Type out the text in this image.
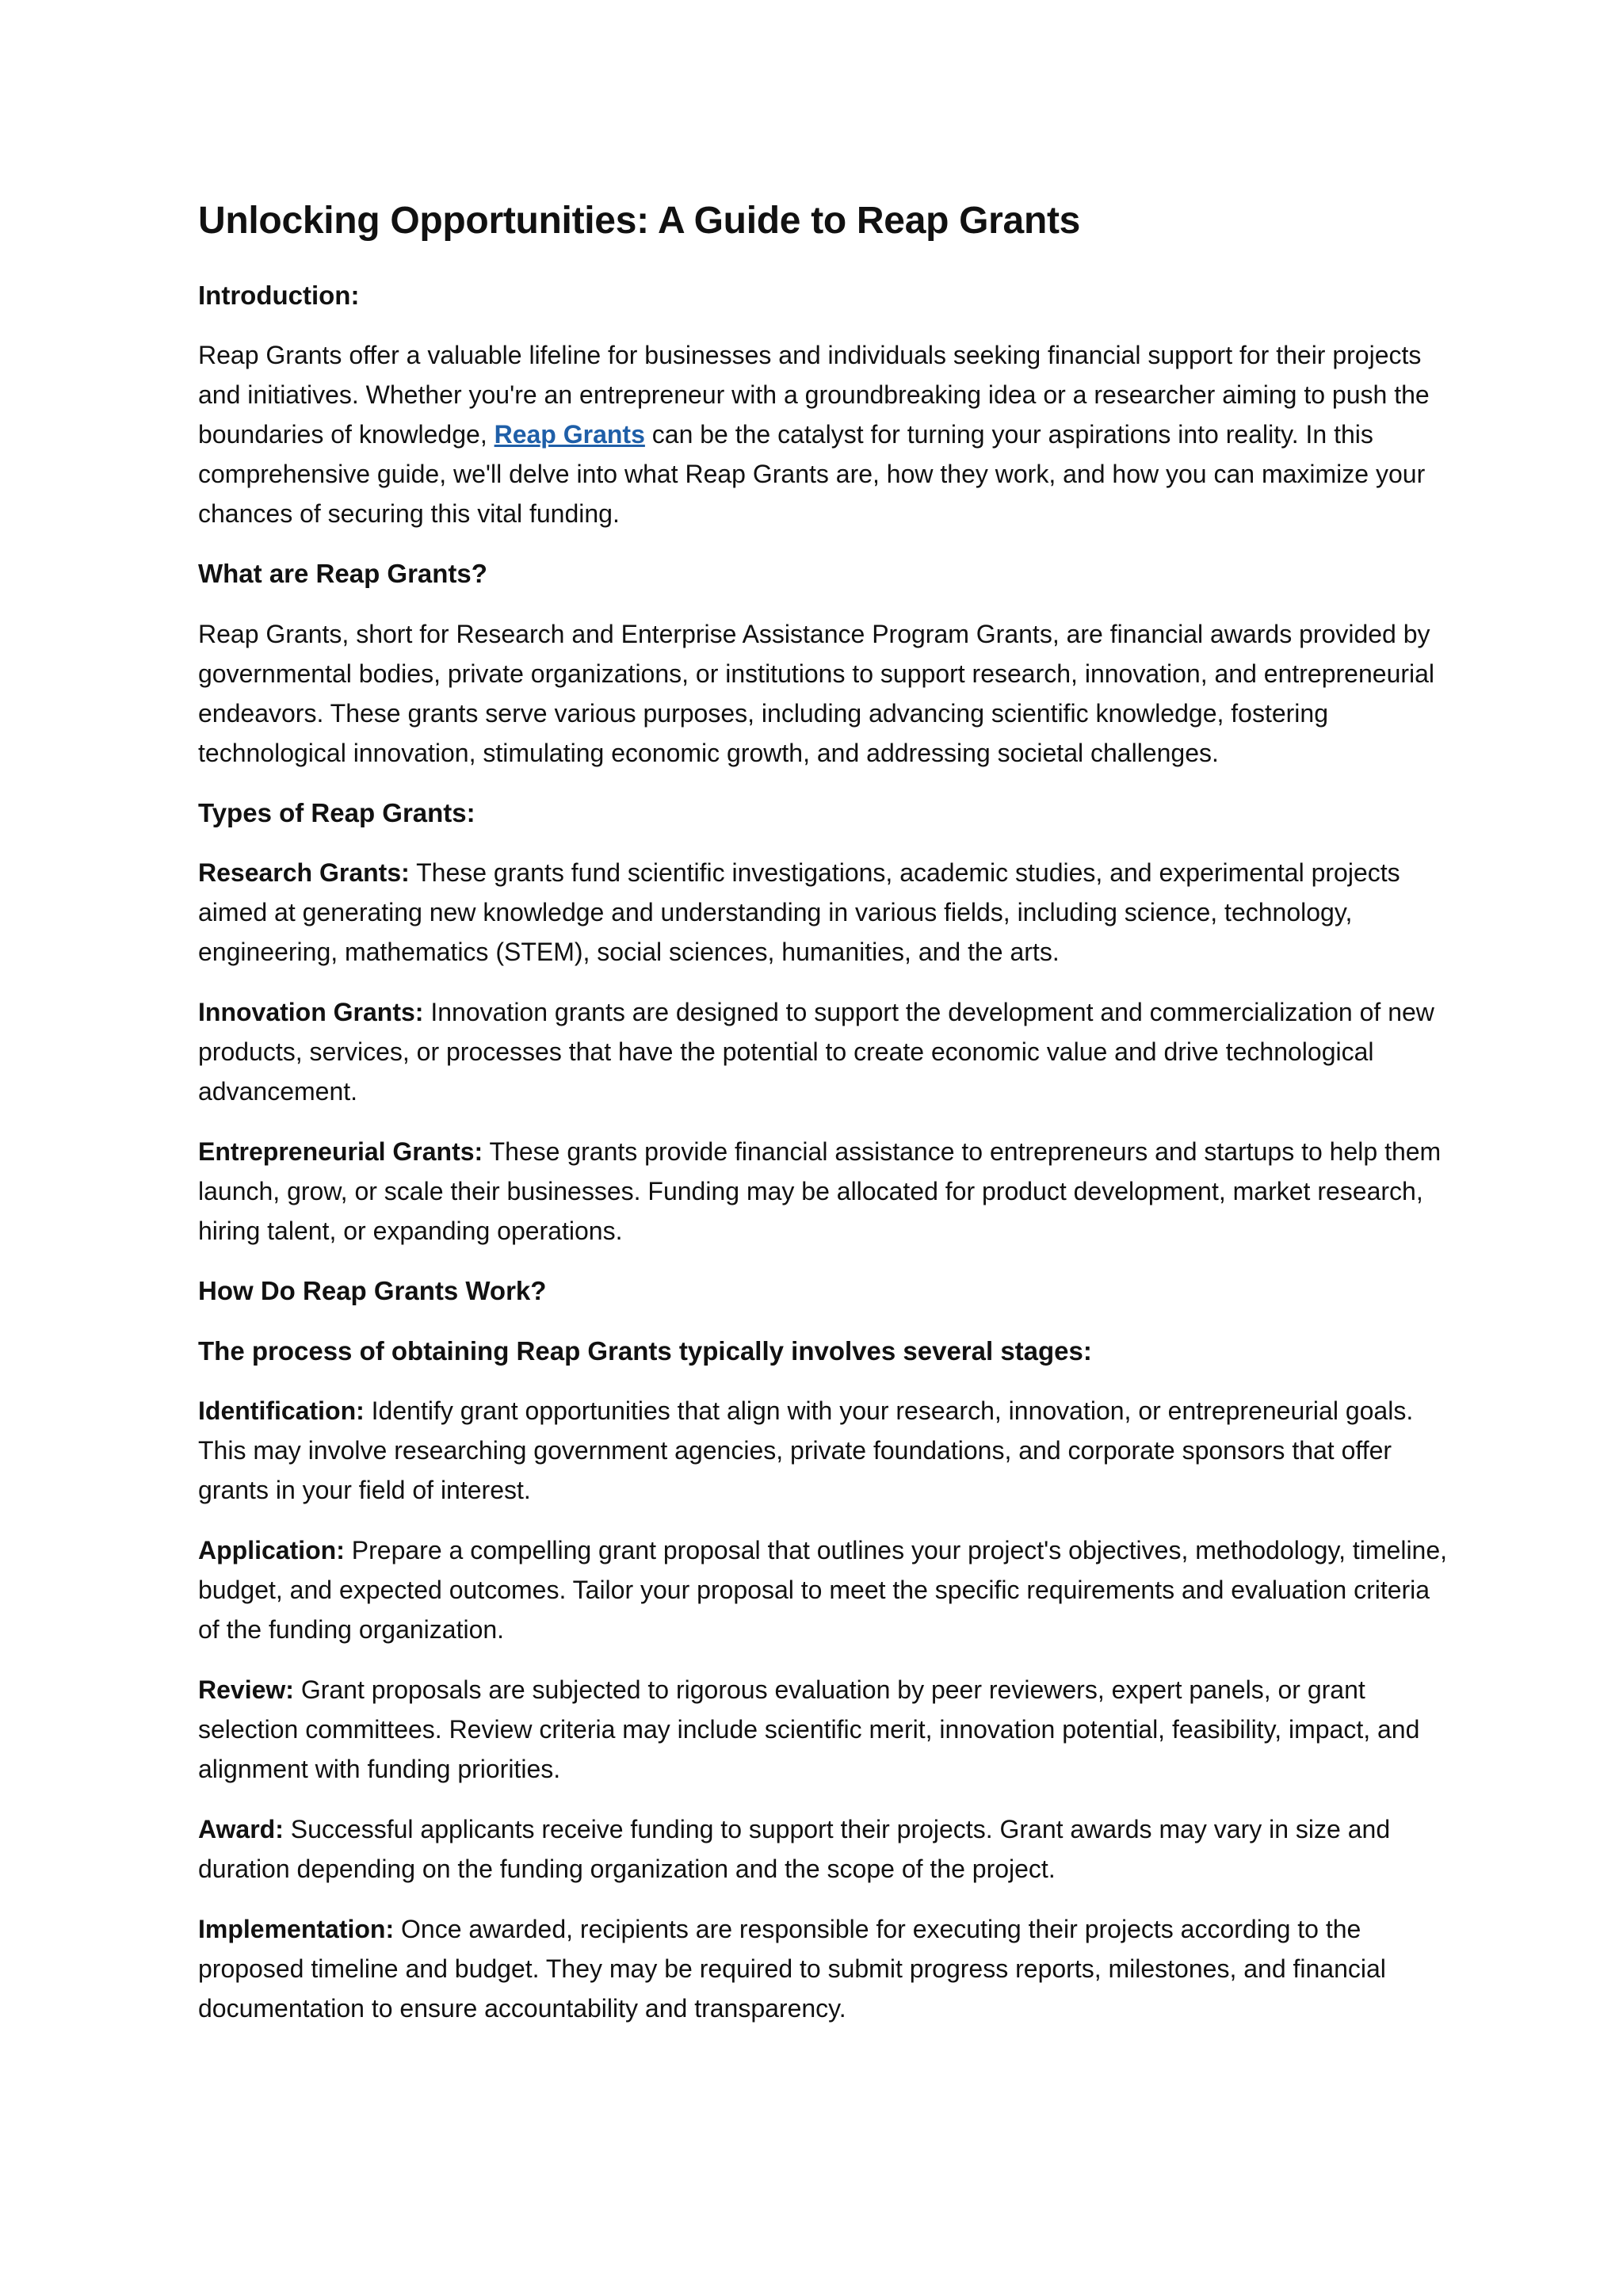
Unlocking Opportunities: A Guide to Reap Grants
Introduction:

Reap Grants offer a valuable lifeline for businesses and individuals seeking financial support for their projects and initiatives. Whether you're an entrepreneur with a groundbreaking idea or a researcher aiming to push the boundaries of knowledge, Reap Grants can be the catalyst for turning your aspirations into reality. In this comprehensive guide, we'll delve into what Reap Grants are, how they work, and how you can maximize your chances of securing this vital funding.

What are Reap Grants?

Reap Grants, short for Research and Enterprise Assistance Program Grants, are financial awards provided by governmental bodies, private organizations, or institutions to support research, innovation, and entrepreneurial endeavors. These grants serve various purposes, including advancing scientific knowledge, fostering technological innovation, stimulating economic growth, and addressing societal challenges.

Types of Reap Grants:

Research Grants: These grants fund scientific investigations, academic studies, and experimental projects aimed at generating new knowledge and understanding in various fields, including science, technology, engineering, mathematics (STEM), social sciences, humanities, and the arts.

Innovation Grants: Innovation grants are designed to support the development and commercialization of new products, services, or processes that have the potential to create economic value and drive technological advancement.

Entrepreneurial Grants: These grants provide financial assistance to entrepreneurs and startups to help them launch, grow, or scale their businesses. Funding may be allocated for product development, market research, hiring talent, or expanding operations.

How Do Reap Grants Work?
The process of obtaining Reap Grants typically involves several stages:

Identification: Identify grant opportunities that align with your research, innovation, or entrepreneurial goals. This may involve researching government agencies, private foundations, and corporate sponsors that offer grants in your field of interest.

Application: Prepare a compelling grant proposal that outlines your project's objectives, methodology, timeline, budget, and expected outcomes. Tailor your proposal to meet the specific requirements and evaluation criteria of the funding organization.

Review: Grant proposals are subjected to rigorous evaluation by peer reviewers, expert panels, or grant selection committees. Review criteria may include scientific merit, innovation potential, feasibility, impact, and alignment with funding priorities.

Award: Successful applicants receive funding to support their projects. Grant awards may vary in size and duration depending on the funding organization and the scope of the project.

Implementation: Once awarded, recipients are responsible for executing their projects according to the proposed timeline and budget. They may be required to submit progress reports, milestones, and financial documentation to ensure accountability and transparency.
